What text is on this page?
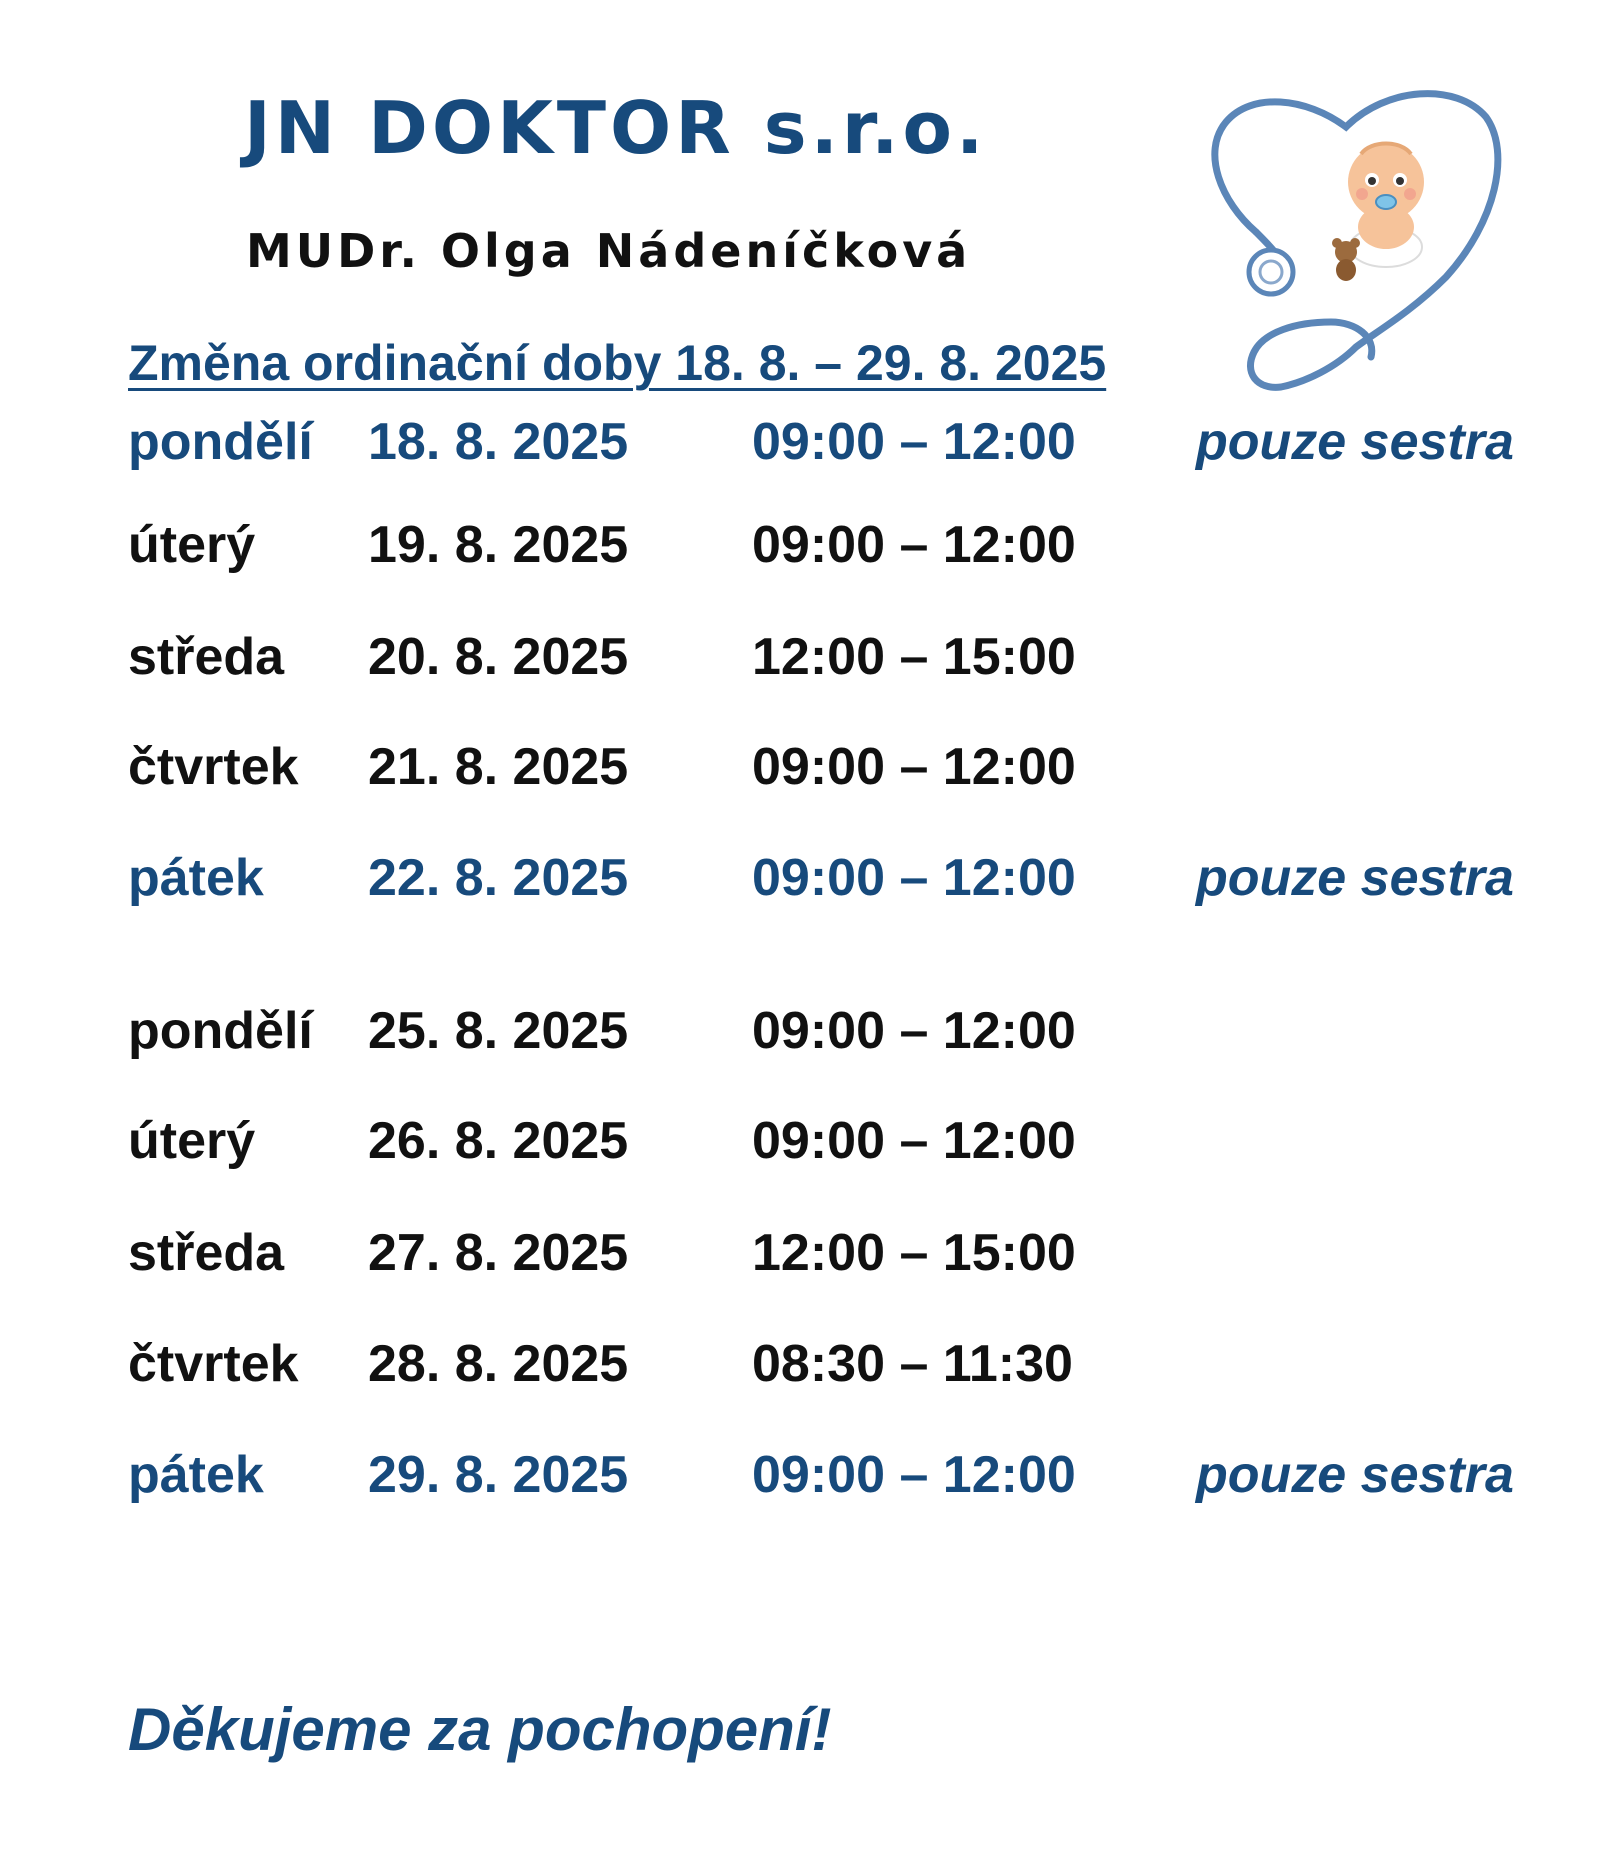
JN DOKTOR s.r.o.
MUDr. Olga Nádeníčková
Změna ordinační doby 18. 8. – 29. 8. 2025
pondělí 18. 8. 2025 09:00 – 12:00 pouze sestra
úterý 19. 8. 2025 09:00 – 12:00
středa 20. 8. 2025 12:00 – 15:00
čtvrtek 21. 8. 2025 09:00 – 12:00
pátek 22. 8. 2025 09:00 – 12:00 pouze sestra
pondělí 25. 8. 2025 09:00 – 12:00
úterý 26. 8. 2025 09:00 – 12:00
středa 27. 8. 2025 12:00 – 15:00
čtvrtek 28. 8. 2025 08:30 – 11:30
pátek 29. 8. 2025 09:00 – 12:00 pouze sestra
Děkujeme za pochopení!
